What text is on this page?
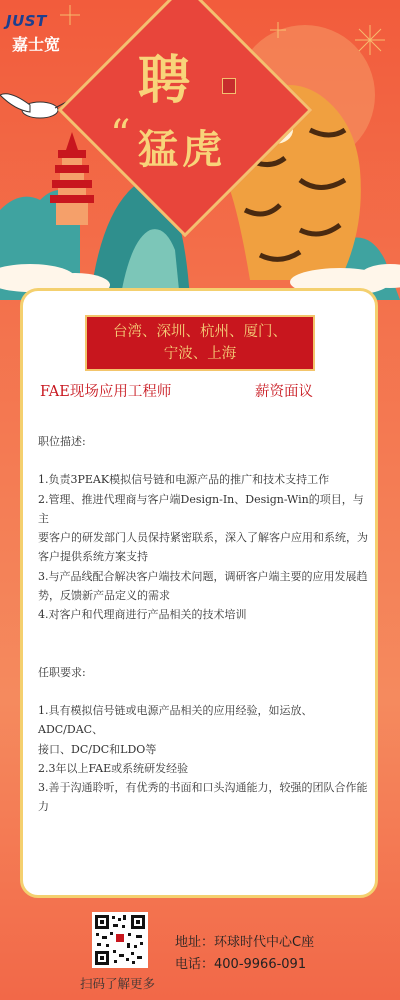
JUST
嘉士宽
聘
“ 猛虎
台湾、深圳、杭州、厦门、
宁波、上海
FAE现场应用工程师	薪资面议

职位描述:

1.负责3PEAK模拟信号链和电源产品的推广和技术支持工作

2.管理、推进代理商与客户端Design-In、Design-Win的项目，与主

要客户的研发部门人员保持紧密联系，深入了解客户应用和系统，为

客户提供系统方案支持

3.与产品线配合解决客户端技术问题，调研客户端主要的应用发展趋

势，反馈新产品定义的需求

4.对客户和代理商进行产品相关的技术培训

任职要求:

1.具有模拟信号链或电源产品相关的应用经验，如运放、ADC/DAC、

接口、DC/DC和LDO等

2.3年以上FAE或系统研发经验

3.善于沟通聆听，有优秀的书面和口头沟通能力，较强的团队合作能力

扫码了解更多
地址：环球时代中心C座
电话：400-9966-091
